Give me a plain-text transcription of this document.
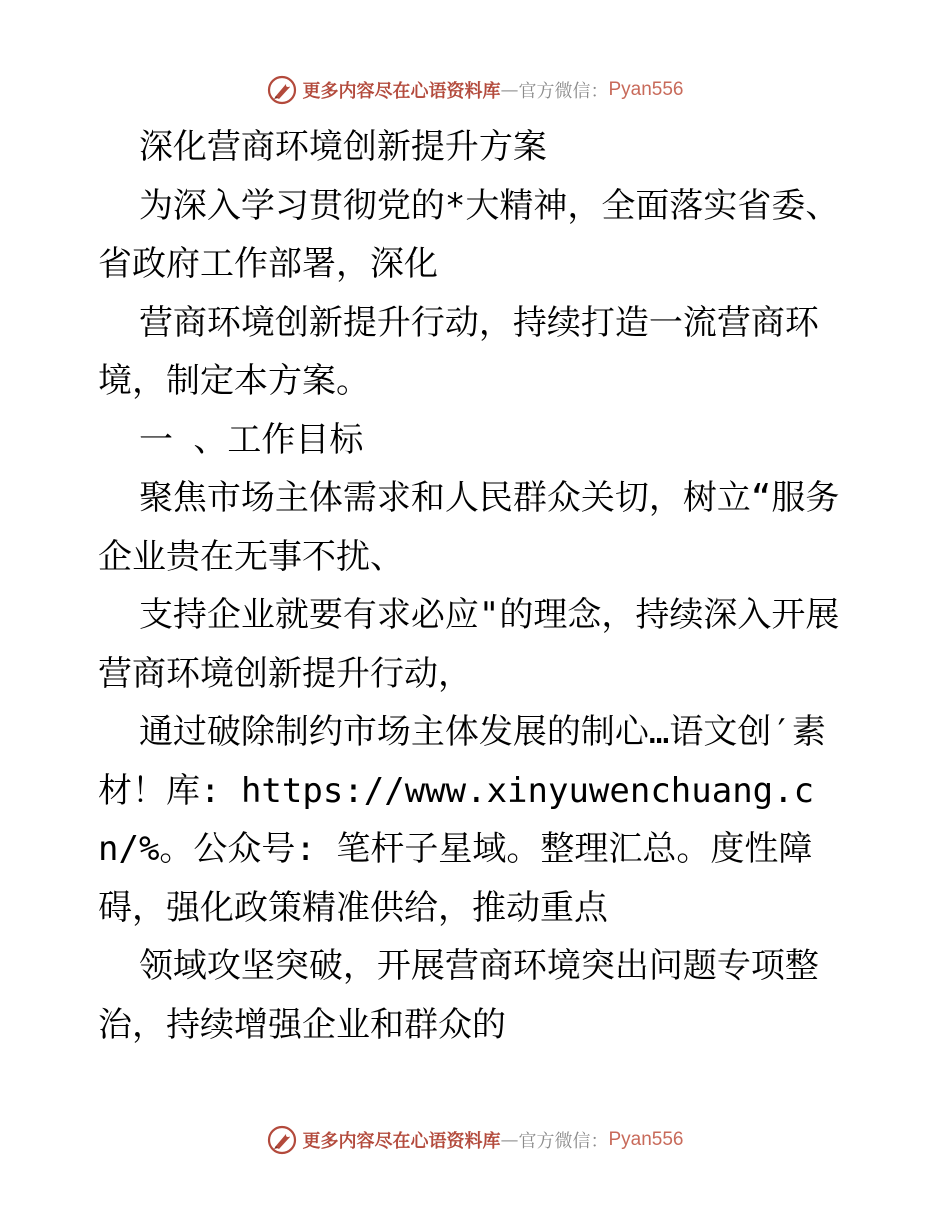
更多内容尽在心语资料库 — 官方微信： Pyan556

深化营商环境创新提升方案

为深入学习贯彻党的*大精神，全面落实省委、省政府工作部署，深化

营商环境创新提升行动，持续打造一流营商环境，制定本方案。

一 、工作目标

聚焦市场主体需求和人民群众关切，树立“服务企业贵在无事不扰、

支持企业就要有求必应"的理念，持续深入开展营商环境创新提升行动，

通过破除制约市场主体发展的制心…语文创′素材！库: https://www.xinyuwenchuang.cn/%。公众号: 笔杆子星域。整理汇总。度性障碍，强化政策精准供给，推动重点

领域攻坚突破，开展营商环境突出问题专项整治，持续增强企业和群众的

更多内容尽在心语资料库 — 官方微信： Pyan556
